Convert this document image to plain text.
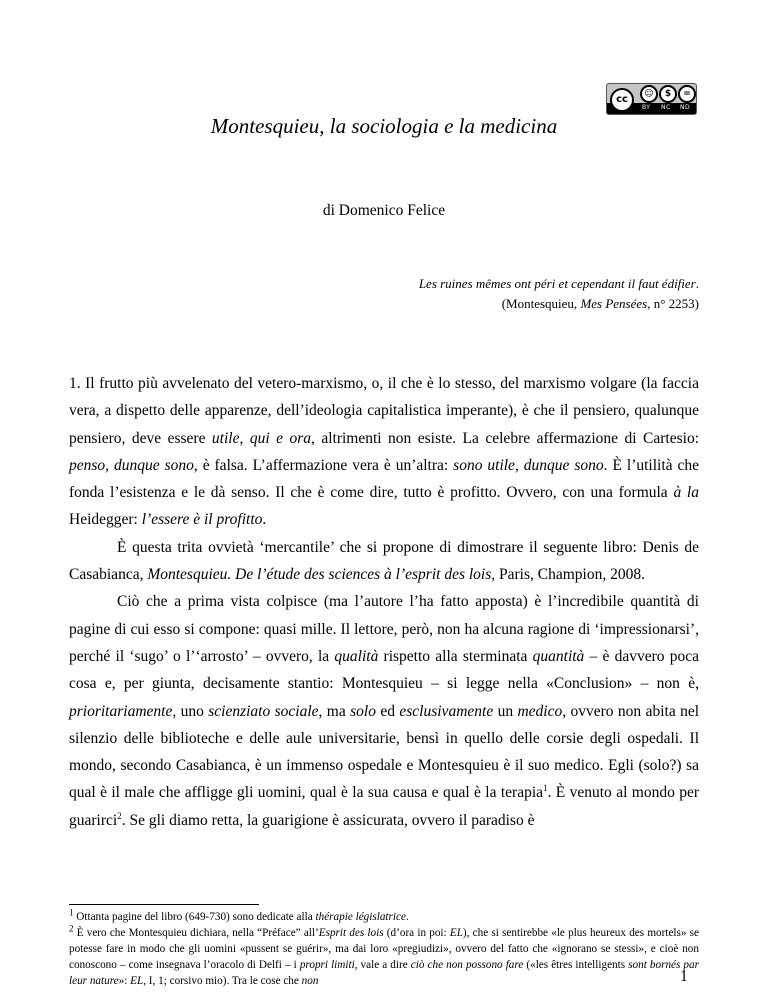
cc	☺	$	=
BY NC ND
Montesquieu, la sociologia e la medicina
di Domenico Felice
Les ruines mêmes ont péri et cependant il faut édifier.
(Montesquieu, Mes Pensées, n° 2253)

1. Il frutto più avvelenato del vetero-marxismo, o, il che è lo stesso, del marxismo volgare (la faccia vera, a dispetto delle apparenze, dell’ideologia capitalistica imperante), è che il pensiero, qualunque pensiero, deve essere utile, qui e ora, altrimenti non esiste. La celebre affermazione di Cartesio: penso, dunque sono, è falsa. L’affermazione vera è un’altra: sono utile, dunque sono. È l’utilità che fonda l’esistenza e le dà senso. Il che è come dire, tutto è profitto. Ovvero, con una formula à la Heidegger: l’essere è il profitto.

È questa trita ovvietà ‘mercantile’ che si propone di dimostrare il seguente libro: Denis de Casabianca, Montesquieu. De l’étude des sciences à l’esprit des lois, Paris, Champion, 2008.

Ciò che a prima vista colpisce (ma l’autore l’ha fatto apposta) è l’incredibile quantità di pagine di cui esso si compone: quasi mille. Il lettore, però, non ha alcuna ragione di ‘impressionarsi’, perché il ‘sugo’ o l’‘arrosto’ – ovvero, la qualità rispetto alla sterminata quantità – è davvero poca cosa e, per giunta, decisamente stantio: Montesquieu – si legge nella «Conclusion» – non è, prioritariamente, uno scienziato sociale, ma solo ed esclusivamente un medico, ovvero non abita nel silenzio delle biblioteche e delle aule universitarie, bensì in quello delle corsie degli ospedali. Il mondo, secondo Casabianca, è un immenso ospedale e Montesquieu è il suo medico. Egli (solo?) sa qual è il male che affligge gli uomini, qual è la sua causa e qual è la terapia$^1$. È venuto al mondo per guarirci$^2$. Se gli diamo retta, la guarigione è assicurata, ovvero il paradiso è

$^1$ Ottanta pagine del libro (649-730) sono dedicate alla thérapie législatrice.

$^2$ È vero che Montesquieu dichiara, nella “Préface” all’Esprit des lois (d’ora in poi: EL), che si sentirebbe «le plus heureux des mortels» se potesse fare in modo che gli uomini «pussent se guérir», ma dai loro «pregiudizi», ovvero del fatto che «ignorano se stessi», e cioè non conoscono – come insegnava l’oracolo di Delfi – i propri limiti, vale a dire ciò che non possono fare («les êtres intelligents sont bornés par leur nature»: EL, I, 1; corsivo mio). Tra le cose che non	1
